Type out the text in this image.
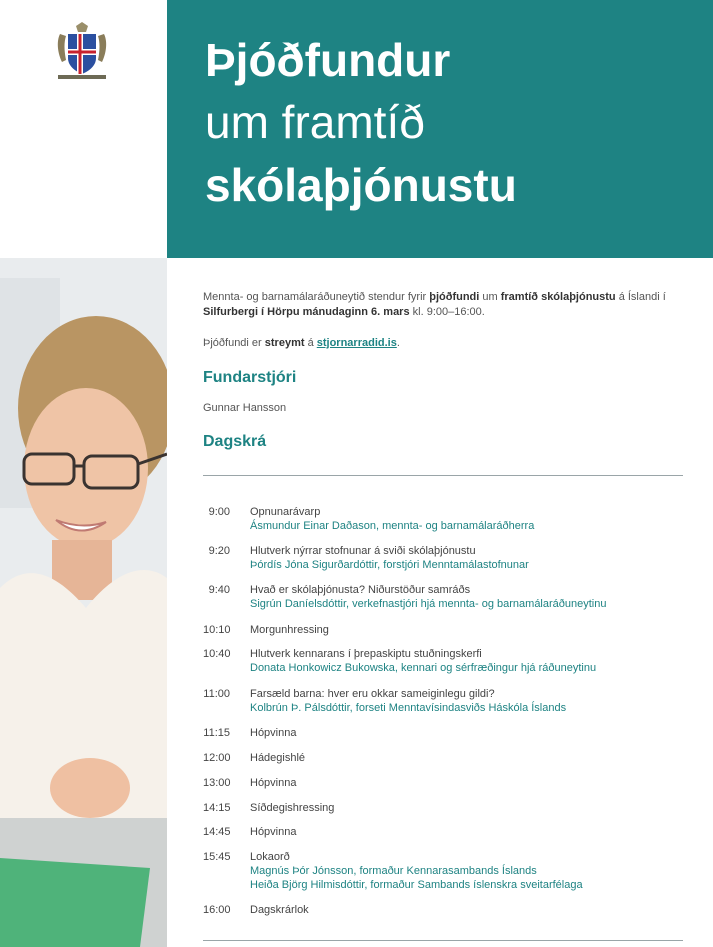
Þjóðfundur
um framtíð
skólaþjónustu

Mennta- og barnamálaráðuneytið stendur fyrir þjóðfundi um framtíð skólaþjónustu á Íslandi í Silfurbergi í Hörpu mánudaginn 6. mars kl. 9:00–16:00.

Þjóðfundi er streymt á stjornarradid.is.

Fundarstjóri
Gunnar Hansson
Dagskrá
9:00 Opnunarávarp
Ásmundur Einar Daðason, mennta- og barnamálaráðherra
9:20 Hlutverk nýrrar stofnunar á sviði skólaþjónustu
Þórdís Jóna Sigurðardóttir, forstjóri Menntamálastofnunar
9:40 Hvað er skólaþjónusta? Niðurstöður samráðs
Sigrún Daníelsdóttir, verkefnastjóri hjá mennta- og barnamálaráðuneytinu
10:10 Morgunhressing
10:40 Hlutverk kennarans í þrepaskiptu stuðningskerfi
Donata Honkowicz Bukowska, kennari og sérfræðingur hjá ráðuneytinu
11:00 Farsæld barna: hver eru okkar sameiginlegu gildi?
Kolbrún Þ. Pálsdóttir, forseti Menntavísindasviðs Háskóla Íslands
11:15 Hópvinna
12:00 Hádegishlé
13:00 Hópvinna
14:15 Síðdegishressing
14:45 Hópvinna
15:45 Lokaorð
Magnús Þór Jónsson, formaður Kennarasambands Íslands
Heiða Björg Hilmisdóttir, formaður Sambands íslenskra sveitarfélaga
16:00 Dagskrárlok
